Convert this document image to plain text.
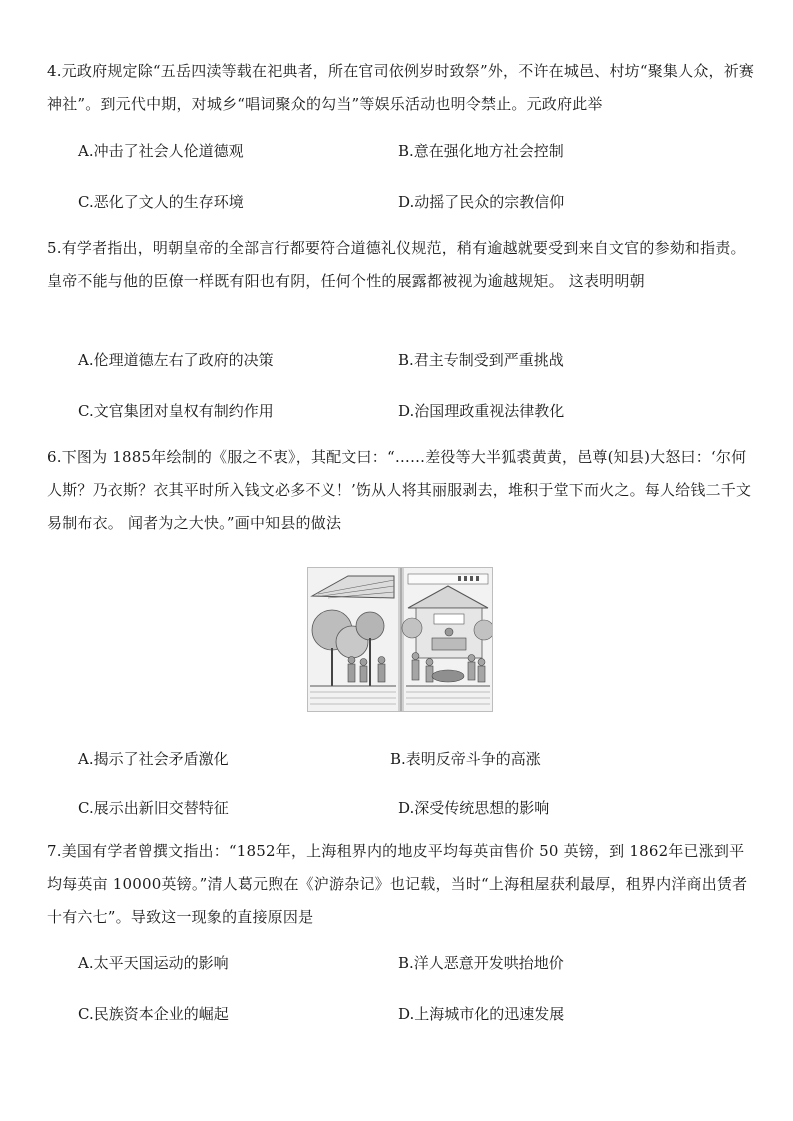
4.元政府规定除“五岳四渎等载在祀典者，所在官司依例岁时致祭”外，不许在城邑、村坊“聚集人众，祈赛神社”。到元代中期，对城乡“唱词聚众的勾当”等娱乐活动也明令禁止。元政府此举

A.冲击了社会人伦道德观	B.意在强化地方社会控制
C.恶化了文人的生存环境	D.动摇了民众的宗教信仰

5.有学者指出，明朝皇帝的全部言行都要符合道德礼仪规范，稍有逾越就要受到来自文官的参劾和指责。 皇帝不能与他的臣僚一样既有阳也有阴，任何个性的展露都被视为逾越规矩。 这表明明朝

A.伦理道德左右了政府的决策	B.君主专制受到严重挑战
C.文官集团对皇权有制约作用	D.治国理政重视法律教化

6.下图为 1885年绘制的《服之不衷》，其配文曰：“……差役等大半狐裘黄黄，邑尊(知县)大怒曰：‘尔何人斯？乃衣斯？衣其平时所入钱文必多不义！’饬从人将其丽服剥去，堆积于堂下而火之。每人给钱二千文易制布衣。 闻者为之大快。”画中知县的做法

A.揭示了社会矛盾激化	B.表明反帝斗争的高涨
C.展示出新旧交替特征	D.深受传统思想的影响

7.美国有学者曾撰文指出：“1852年，上海租界内的地皮平均每英亩售价 50 英镑，到 1862年已涨到平均每英亩 10000英镑。”清人葛元煦在《沪游杂记》也记载，当时“上海租屋获利最厚，租界内洋商出赁者十有六七”。导致这一现象的直接原因是

A.太平天国运动的影响	B.洋人恶意开发哄抬地价
C.民族资本企业的崛起	D.上海城市化的迅速发展
